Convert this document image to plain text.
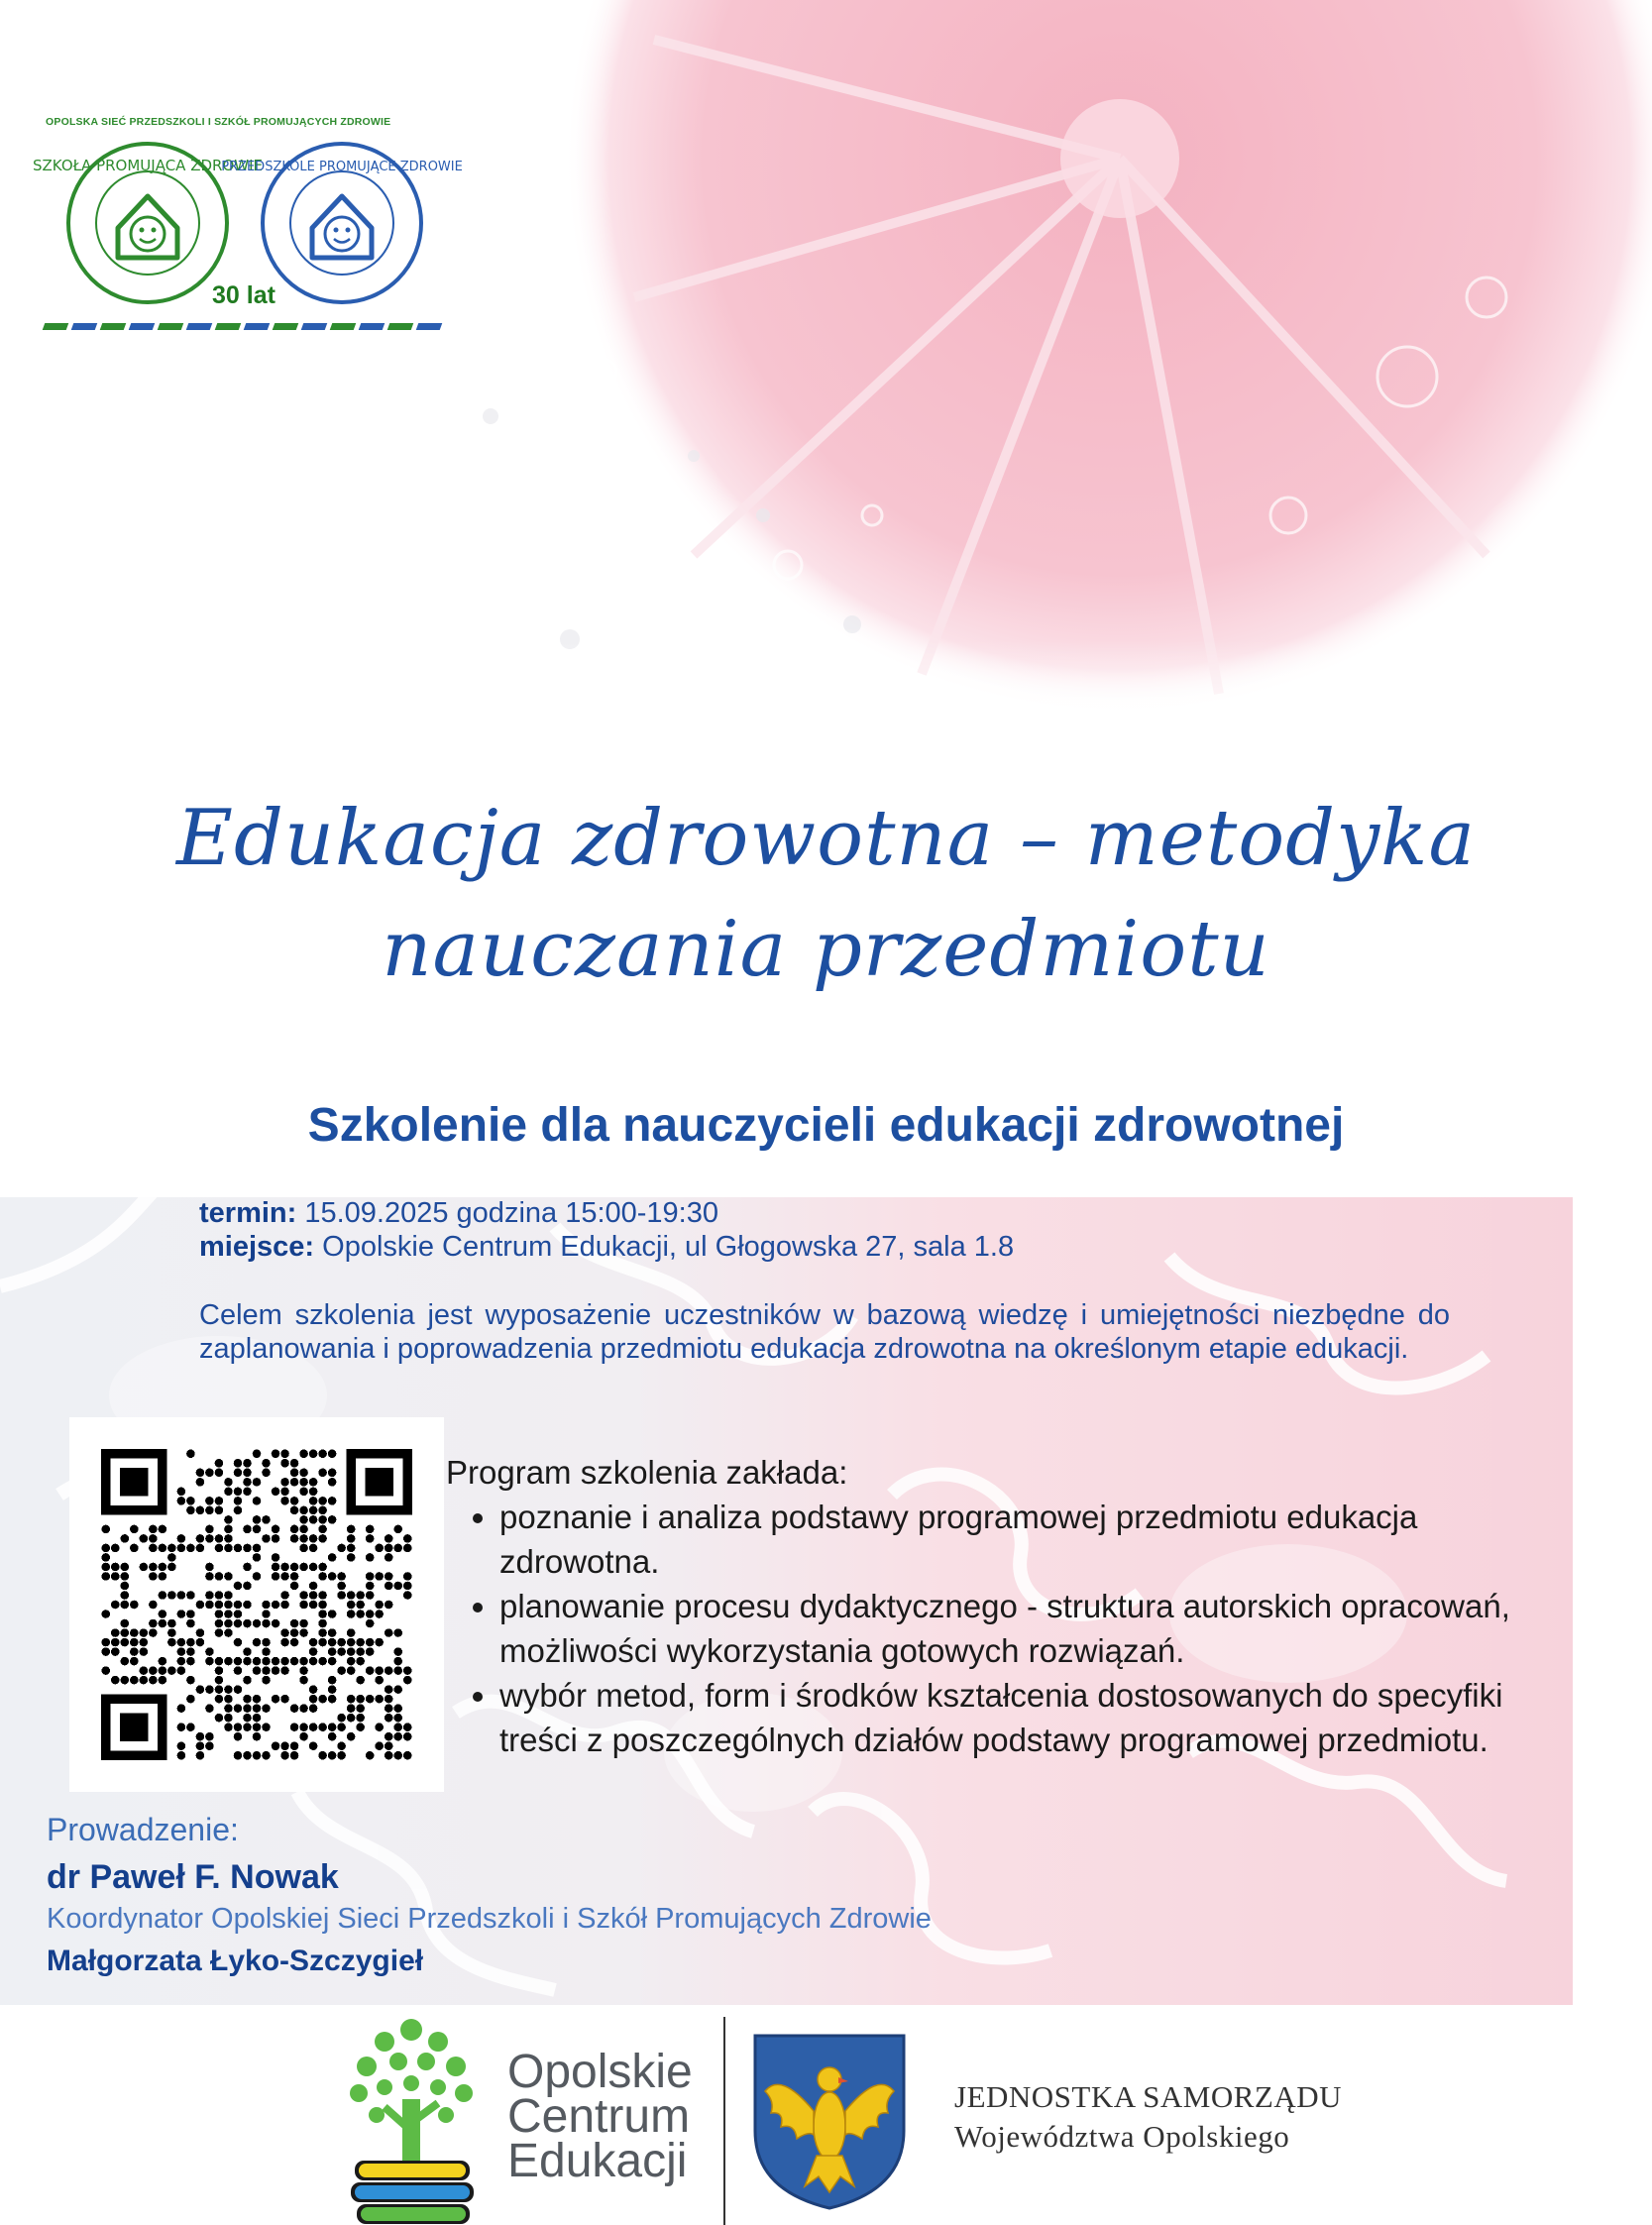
OPOLSKA SIEĆ PRZEDSZKOLI I SZKÓŁ PROMUJĄCYCH ZDROWIE
SZKOŁA PROMUJĄCA ZDROWIE
PRZEDSZKOLE PROMUJĄCE ZDROWIE
30 lat
Edukacja zdrowotna – metodyka
nauczania przedmiotu
Szkolenie dla nauczycieli edukacji zdrowotnej
termin: 15.09.2025 godzina 15:00-19:30
miejsce: Opolskie Centrum Edukacji, ul Głogowska 27, sala 1.8
Celem szkolenia jest wyposażenie uczestników w bazową wiedzę i umiejętności niezbędne do zaplanowania i poprowadzenia przedmiotu edukacja zdrowotna na określonym etapie edukacji.
Program szkolenia zakłada:
• poznanie i analiza podstawy programowej przedmiotu edukacja zdrowotna.
• planowanie procesu dydaktycznego - struktura autorskich opracowań, możliwości wykorzystania gotowych rozwiązań.
• wybór metod, form i środków kształcenia dostosowanych do specyfiki treści z poszczególnych działów podstawy programowej przedmiotu.
Prowadzenie:
dr Paweł F. Nowak
Koordynator Opolskiej Sieci Przedszkoli i Szkół Promujących Zdrowie
Małgorzata Łyko-Szczygieł
Opolskie
Centrum
Edukacji
JEDNOSTKA SAMORZĄDU
Województwa Opolskiego
